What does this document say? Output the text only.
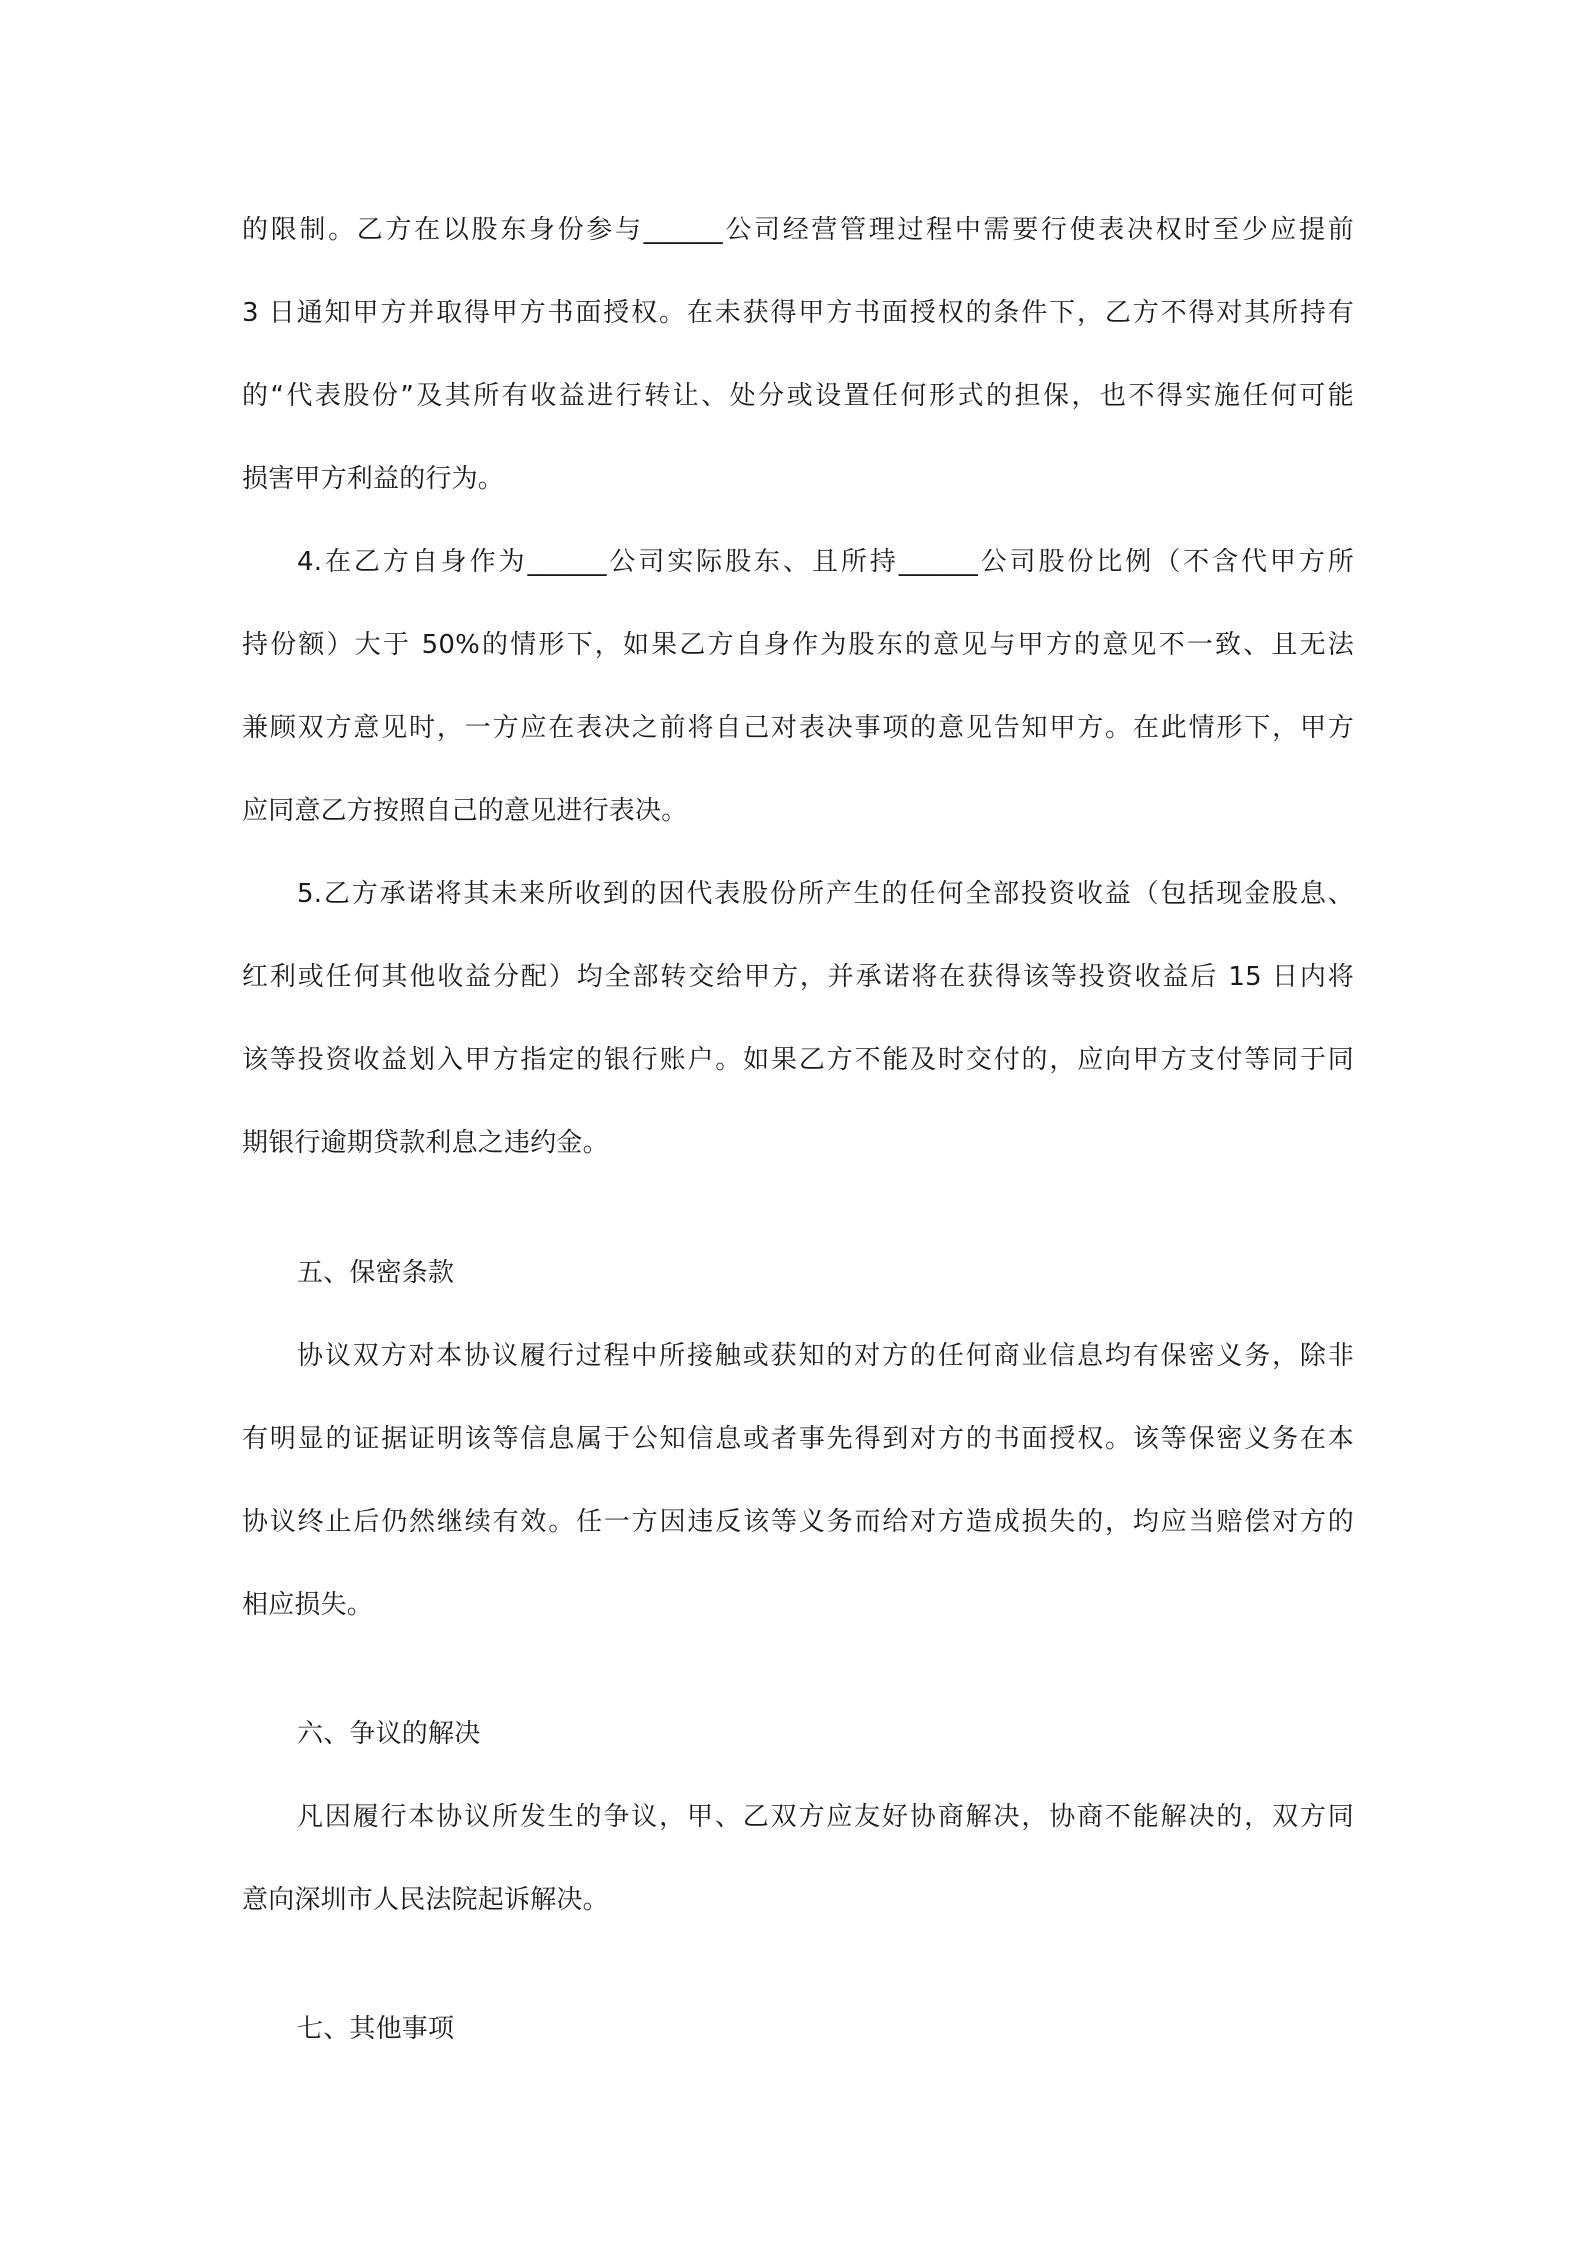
的限制。乙方在以股东身份参与______公司经营管理过程中需要行使表决权时至少应提前
3 日通知甲方并取得甲方书面授权。在未获得甲方书面授权的条件下，乙方不得对其所持有
的“代表股份”及其所有收益进行转让、处分或设置任何形式的担保，也不得实施任何可能
损害甲方利益的行为。
4.在乙方自身作为______公司实际股东、且所持______公司股份比例（不含代甲方所
持份额）大于 50%的情形下，如果乙方自身作为股东的意见与甲方的意见不一致、且无法
兼顾双方意见时，一方应在表决之前将自己对表决事项的意见告知甲方。在此情形下，甲方
应同意乙方按照自己的意见进行表决。
5.乙方承诺将其未来所收到的因代表股份所产生的任何全部投资收益（包括现金股息、
红利或任何其他收益分配）均全部转交给甲方，并承诺将在获得该等投资收益后 15 日内将
该等投资收益划入甲方指定的银行账户。如果乙方不能及时交付的，应向甲方支付等同于同
期银行逾期贷款利息之违约金。
五、保密条款
协议双方对本协议履行过程中所接触或获知的对方的任何商业信息均有保密义务，除非
有明显的证据证明该等信息属于公知信息或者事先得到对方的书面授权。该等保密义务在本
协议终止后仍然继续有效。任一方因违反该等义务而给对方造成损失的，均应当赔偿对方的
相应损失。
六、争议的解决
凡因履行本协议所发生的争议，甲、乙双方应友好协商解决，协商不能解决的，双方同
意向深圳市人民法院起诉解决。
七、其他事项
